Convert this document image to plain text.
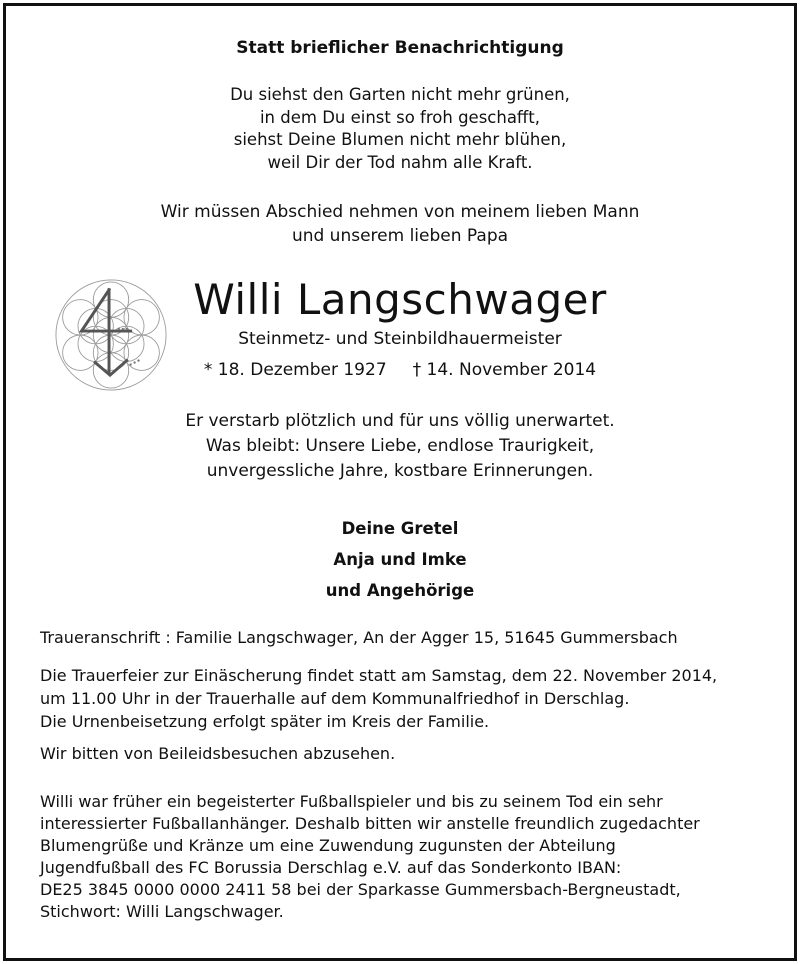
Statt brieflicher Benachrichtigung
Du siehst den Garten nicht mehr grünen,
in dem Du einst so froh geschafft,
siehst Deine Blumen nicht mehr blühen,
weil Dir der Tod nahm alle Kraft.
Wir müssen Abschied nehmen von meinem lieben Mann
und unserem lieben Papa
Willi Langschwager
Steinmetz- und Steinbildhauermeister
* 18. Dezember 1927 † 14. November 2014
Er verstarb plötzlich und für uns völlig unerwartet.
Was bleibt: Unsere Liebe, endlose Traurigkeit,
unvergessliche Jahre, kostbare Erinnerungen.
Deine Gretel
Anja und Imke
und Angehörige
Traueranschrift : Familie Langschwager, An der Agger 15, 51645 Gummersbach
Die Trauerfeier zur Einäscherung findet statt am Samstag, dem 22. November 2014,
um 11.00 Uhr in der Trauerhalle auf dem Kommunalfriedhof in Derschlag.
Die Urnenbeisetzung erfolgt später im Kreis der Familie.
Wir bitten von Beileidsbesuchen abzusehen.
Willi war früher ein begeisterter Fußballspieler und bis zu seinem Tod ein sehr
interessierter Fußballanhänger. Deshalb bitten wir anstelle freundlich zugedachter
Blumengrüße und Kränze um eine Zuwendung zugunsten der Abteilung
Jugendfußball des FC Borussia Derschlag e.V. auf das Sonderkonto IBAN:
DE25 3845 0000 0000 2411 58 bei der Sparkasse Gummersbach-Bergneustadt,
Stichwort: Willi Langschwager.
